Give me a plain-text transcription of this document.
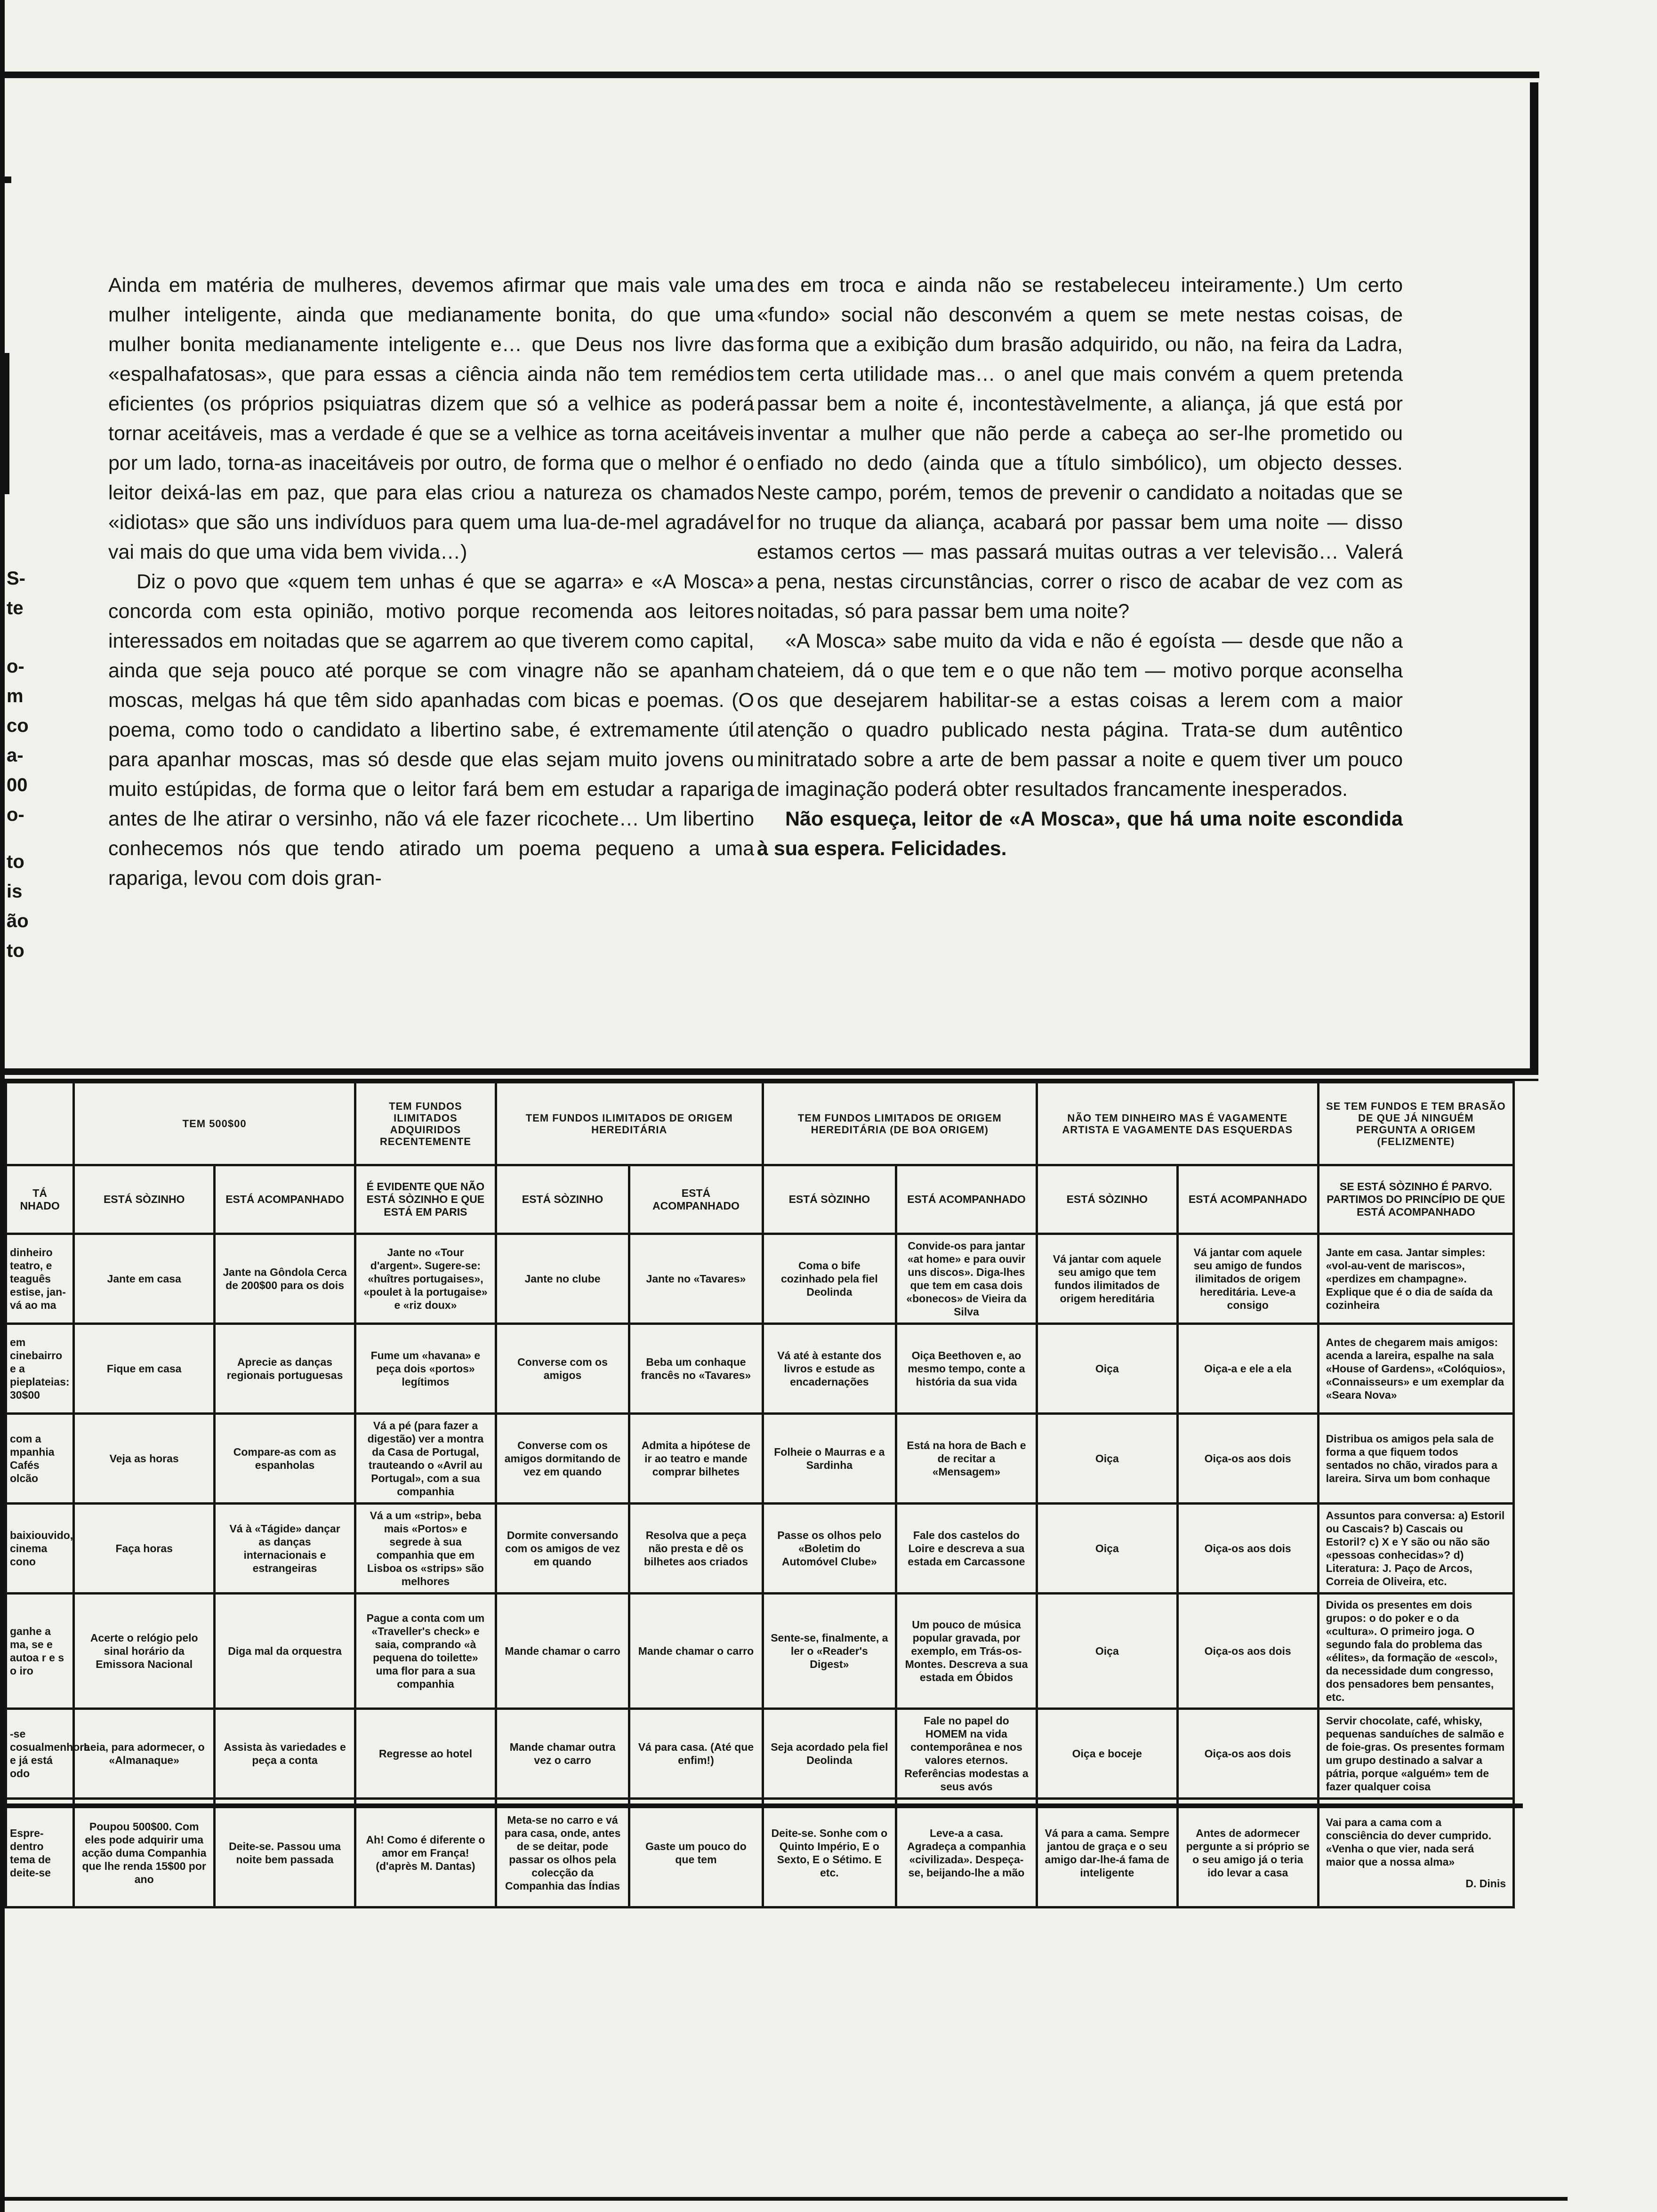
S-
te
o-
m
co
a-
00
o-
to
is
ão
to

Ainda em matéria de mulheres, devemos afirmar que mais vale uma mulher inteligente, ainda que medianamente bonita, do que uma mulher bonita medianamente inteligente e… que Deus nos livre das «espalhafatosas», que para essas a ciência ainda não tem remédios eficientes (os próprios psiquiatras dizem que só a velhice as poderá tornar aceitáveis, mas a verdade é que se a velhice as torna aceitáveis por um lado, torna-as inaceitáveis por outro, de forma que o melhor é o leitor deixá-las em paz, que para elas criou a natureza os chamados «idiotas» que são uns indivíduos para quem uma lua-de-mel agradável vai mais do que uma vida bem vivida…)

Diz o povo que «quem tem unhas é que se agarra» e «A Mosca» concorda com esta opinião, motivo porque recomenda aos leitores interessados em noitadas que se agarrem ao que tiverem como capital, ainda que seja pouco até porque se com vinagre não se apanham moscas, melgas há que têm sido apanhadas com bicas e poemas. (O poema, como todo o candidato a libertino sabe, é extremamente útil para apanhar moscas, mas só desde que elas sejam muito jovens ou muito estúpidas, de forma que o leitor fará bem em estudar a rapariga antes de lhe atirar o versinho, não vá ele fazer ricochete… Um libertino conhecemos nós que tendo atirado um poema pequeno a uma rapariga, levou com dois gran-

des em troca e ainda não se restabeleceu inteiramente.) Um certo «fundo» social não desconvém a quem se mete nestas coisas, de forma que a exibição dum brasão adquirido, ou não, na feira da Ladra, tem certa utilidade mas… o anel que mais convém a quem pretenda passar bem a noite é, incontestàvelmente, a aliança, já que está por inventar a mulher que não perde a cabeça ao ser-lhe prometido ou enfiado no dedo (ainda que a título simbólico), um objecto desses. Neste campo, porém, temos de prevenir o candidato a noitadas que se for no truque da aliança, acabará por passar bem uma noite — disso estamos certos — mas passará muitas outras a ver televisão… Valerá a pena, nestas circunstâncias, correr o risco de acabar de vez com as noitadas, só para passar bem uma noite?

«A Mosca» sabe muito da vida e não é egoísta — desde que não a chateiem, dá o que tem e o que não tem — motivo porque aconselha os que desejarem habilitar-se a estas coisas a lerem com a maior atenção o quadro publicado nesta página. Trata-se dum autêntico minitratado sobre a arte de bem passar a noite e quem tiver um pouco de imaginação poderá obter resultados francamente inesperados.

Não esqueça, leitor de «A Mosca», que há uma noite escondida à sua espera. Felicidades.

	TEM 500$00		TEM FUNDOS ILIMITADOS ADQUIRIDOS RECENTEMENTE	TEM FUNDOS ILIMITADOS DE ORIGEM HEREDITÁRIA		TEM FUNDOS LIMITADOS DE ORIGEM HEREDITÁRIA (DE BOA ORIGEM)		NÃO TEM DINHEIRO MAS É VAGAMENTE ARTISTA E VAGAMENTE DAS ESQUERDAS		SE TEM FUNDOS E TEM BRASÃO DE QUE JÁ NINGUÉM PERGUNTA A ORIGEM (FELIZMENTE)
TÁ NHADO	ESTÁ SÒZINHO	ESTÁ ACOMPANHADO	É EVIDENTE QUE NÃO ESTÁ SÒZINHO E QUE ESTÁ EM PARIS	ESTÁ SÒZINHO	ESTÁ ACOMPANHADO	ESTÁ SÒZINHO	ESTÁ ACOMPANHADO	ESTÁ SÒZINHO	ESTÁ ACOMPANHADO	SE ESTÁ SÒZINHO É PARVO. PARTIMOS DO PRINCÍPIO DE QUE ESTÁ ACOMPANHADO
dinheiro teatro, e teaguês estise, jan- vá ao ma	Jante em casa	Jante na Gôndola Cerca de 200$00 para os dois	Jante no «Tour d'argent». Sugere-se: «huîtres portugaises», «poulet à la portugaise» e «riz doux»	Jante no clube	Jante no «Tavares»	Coma o bife cozinhado pela fiel Deolinda	Convide-os para jantar «at home» e para ouvir uns discos». Diga-lhes que tem em casa dois «bonecos» de Vieira da Silva	Vá jantar com aquele seu amigo que tem fundos ilimitados de origem hereditária	Vá jantar com aquele seu amigo de fundos ilimitados de origem hereditária. Leve-a consigo	Jante em casa. Jantar simples: «vol-au-vent de mariscos», «perdizes em champagne». Explique que é o dia de saída da cozinheira
em cinebairro e a pieplateias: 30$00	Fique em casa	Aprecie as danças regionais portuguesas	Fume um «havana» e peça dois «portos» legítimos	Converse com os amigos	Beba um conhaque francês no «Tavares»	Vá até à estante dos livros e estude as encadernações	Oiça Beethoven e, ao mesmo tempo, conte a história da sua vida	Oiça	Oiça-a e ele a ela	Antes de chegarem mais amigos: acenda a lareira, espalhe na sala «House of Gardens», «Colóquios», «Connaisseurs» e um exemplar da «Seara Nova»
com a mpanhia Cafés olcão	Veja as horas	Compare-as com as espanholas	Vá a pé (para fazer a digestão) ver a montra da Casa de Portugal, trauteando o «Avril au Portugal», com a sua companhia	Converse com os amigos dormitando de vez em quando	Admita a hipótese de ir ao teatro e mande comprar bilhetes	Folheie o Maurras e a Sardinha	Está na hora de Bach e de recitar a «Mensagem»	Oiça	Oiça-os aos dois	Distribua os amigos pela sala de forma a que fiquem todos sentados no chão, virados para a lareira. Sirva um bom conhaque
baixiouvido, cinema cono	Faça horas	Vá à «Tágide» dançar as danças internacionais e estrangeiras	Vá a um «strip», beba mais «Portos» e segrede à sua companhia que em Lisboa os «strips» são melhores	Dormite conversando com os amigos de vez em quando	Resolva que a peça não presta e dê os bilhetes aos criados	Passe os olhos pelo «Boletim do Automóvel Clube»	Fale dos castelos do Loire e descreva a sua estada em Carcassone	Oiça	Oiça-os aos dois	Assuntos para conversa: a) Estoril ou Cascais? b) Cascais ou Estoril? c) X e Y são ou não são «pessoas conhecidas»? d) Literatura: J. Paço de Arcos, Correia de Oliveira, etc.
ganhe a ma, se e autoa r e s o iro	Acerte o relógio pelo sinal horário da Emissora Nacional	Diga mal da orquestra	Pague a conta com um «Traveller's check» e saia, comprando «à pequena do toilette» uma flor para a sua companhia	Mande chamar o carro	Mande chamar o carro	Sente-se, finalmente, a ler o «Reader's Digest»	Um pouco de música popular gravada, por exemplo, em Trás-os-Montes. Descreva a sua estada em Óbidos	Oiça	Oiça-os aos dois	Divida os presentes em dois grupos: o do poker e o da «cultura». O primeiro joga. O segundo fala do problema das «élites», da formação de «escol», da necessidade dum congresso, dos pensadores bem pensantes, etc.
-se cosualmenhora e já está odo	Leia, para adormecer, o «Almanaque»	Assista às variedades e peça a conta	Regresse ao hotel	Mande chamar outra vez o carro	Vá para casa. (Até que enfim!)	Seja acordado pela fiel Deolinda	Fale no papel do HOMEM na vida contemporânea e nos valores eternos. Referências modestas a seus avós	Oiça e boceje	Oiça-os aos dois	Servir chocolate, café, whisky, pequenas sanduíches de salmão e de foie-gras. Os presentes formam um grupo destinado a salvar a pátria, porque «alguém» tem de fazer qualquer coisa
Espre- dentro tema de deite-se	Poupou 500$00. Com eles pode adquirir uma acção duma Companhia que lhe renda 15$00 por ano	Deite-se. Passou uma noite bem passada	Ah! Como é diferente o amor em França! (d'après M. Dantas)	Meta-se no carro e vá para casa, onde, antes de se deitar, pode passar os olhos pela colecção da Companhia das Índias	Gaste um pouco do que tem	Deite-se. Sonhe com o Quinto Império, E o Sexto, E o Sétimo. E etc.	Leve-a a casa. Agradeça a companhia «civilizada». Despeça-se, beijando-lhe a mão	Vá para a cama. Sempre jantou de graça e o seu amigo dar-lhe-á fama de inteligente	Antes de adormecer pergunte a si próprio se o seu amigo já o teria ido levar a casa	Vai para a cama com a consciência do dever cumprido. «Venha o que vier, nada será maior que a nossa alma»
D. Dinis
